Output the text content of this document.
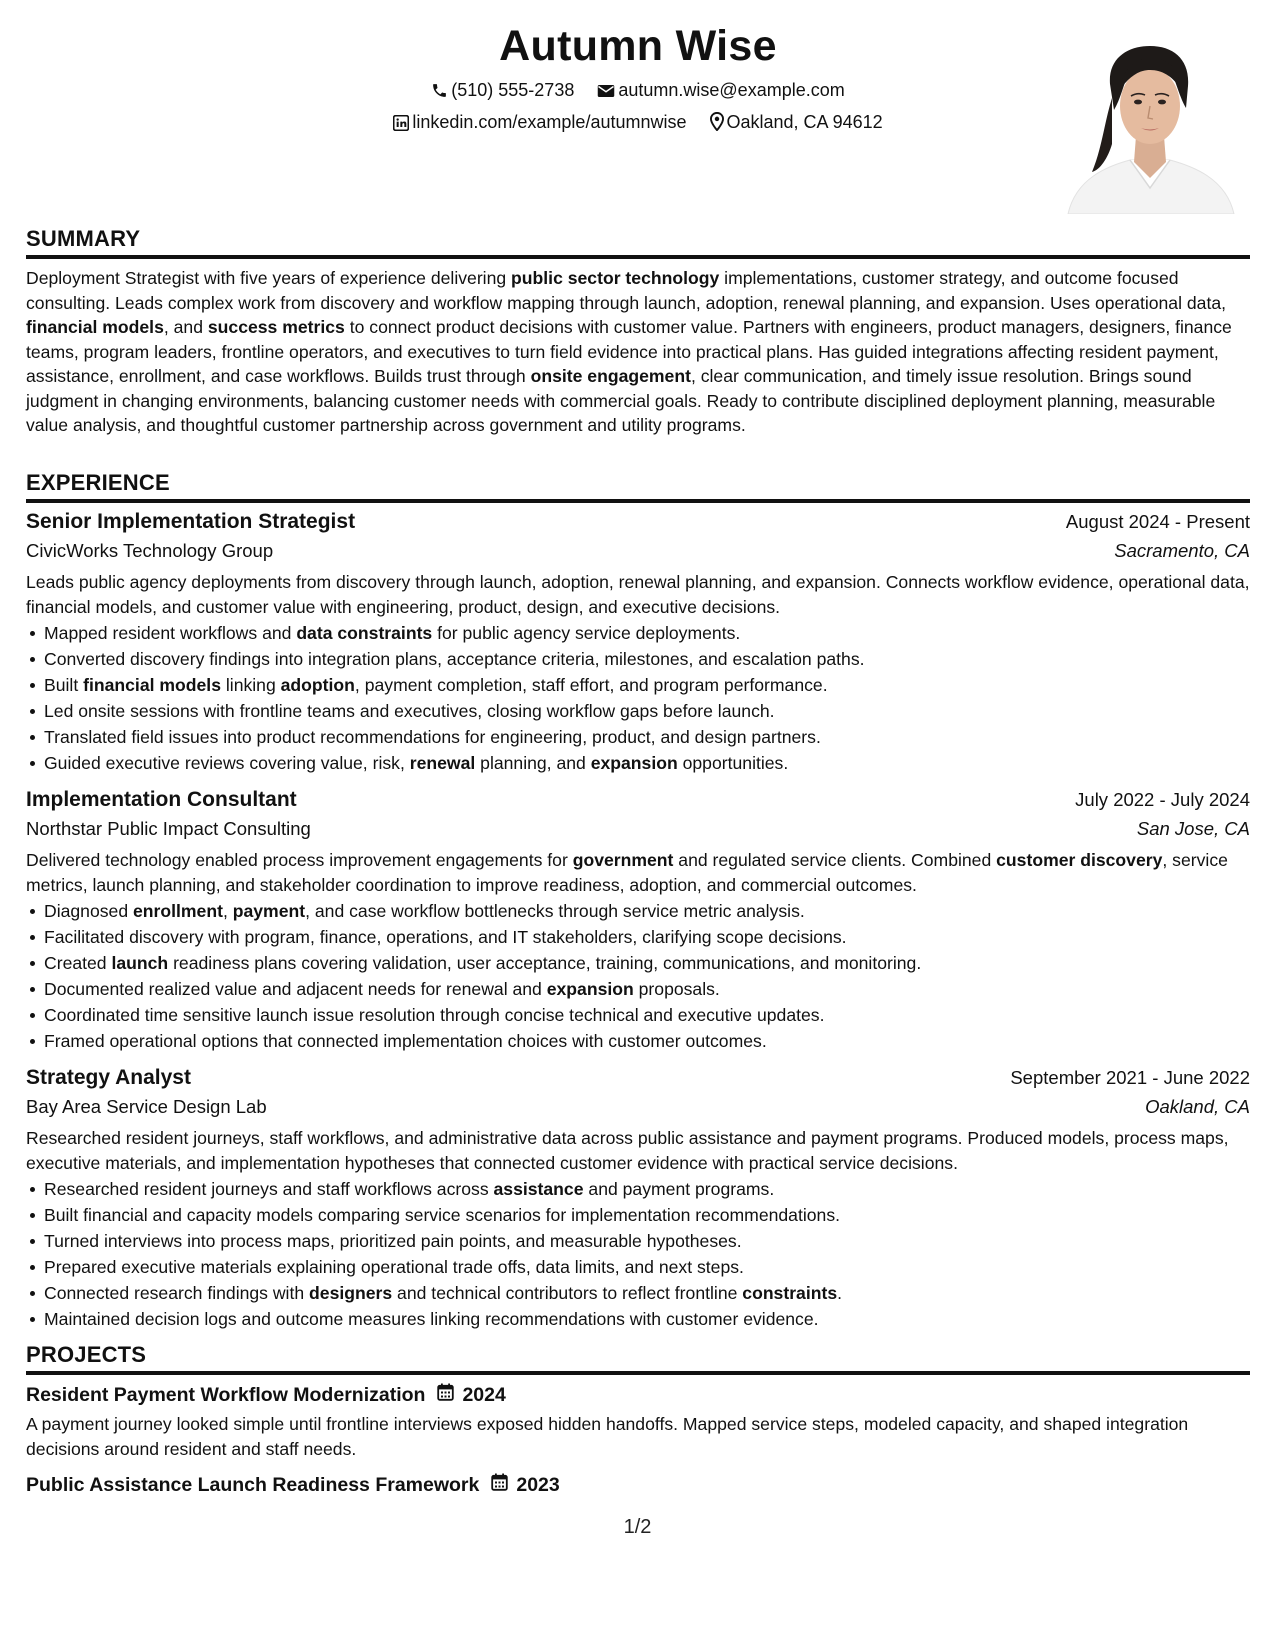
Autumn Wise
(510) 555-2738 autumn.wise@example.com
linkedin.com/example/autumnwise Oakland, CA 94612
SUMMARY

Deployment Strategist with five years of experience delivering public sector technology implementations, customer strategy, and outcome focused consulting. Leads complex work from discovery and workflow mapping through launch, adoption, renewal planning, and expansion. Uses operational data, financial models, and success metrics to connect product decisions with customer value. Partners with engineers, product managers, designers, finance teams, program leaders, frontline operators, and executives to turn field evidence into practical plans. Has guided integrations affecting resident payment, assistance, enrollment, and case workflows. Builds trust through onsite engagement, clear communication, and timely issue resolution. Brings sound judgment in changing environments, balancing customer needs with commercial goals. Ready to contribute disciplined deployment planning, measurable value analysis, and thoughtful customer partnership across government and utility programs.

EXPERIENCE
Senior Implementation Strategist	August 2024 - Present
CivicWorks Technology Group	Sacramento, CA

Leads public agency deployments from discovery through launch, adoption, renewal planning, and expansion. Connects workflow evidence, operational data, financial models, and customer value with engineering, product, design, and executive decisions.

Mapped resident workflows and data constraints for public agency service deployments.
Converted discovery findings into integration plans, acceptance criteria, milestones, and escalation paths.
Built financial models linking adoption, payment completion, staff effort, and program performance.
Led onsite sessions with frontline teams and executives, closing workflow gaps before launch.
Translated field issues into product recommendations for engineering, product, and design partners.
Guided executive reviews covering value, risk, renewal planning, and expansion opportunities.
Implementation Consultant	July 2022 - July 2024
Northstar Public Impact Consulting	San Jose, CA

Delivered technology enabled process improvement engagements for government and regulated service clients. Combined customer discovery, service metrics, launch planning, and stakeholder coordination to improve readiness, adoption, and commercial outcomes.

Diagnosed enrollment, payment, and case workflow bottlenecks through service metric analysis.
Facilitated discovery with program, finance, operations, and IT stakeholders, clarifying scope decisions.
Created launch readiness plans covering validation, user acceptance, training, communications, and monitoring.
Documented realized value and adjacent needs for renewal and expansion proposals.
Coordinated time sensitive launch issue resolution through concise technical and executive updates.
Framed operational options that connected implementation choices with customer outcomes.
Strategy Analyst	September 2021 - June 2022
Bay Area Service Design Lab	Oakland, CA

Researched resident journeys, staff workflows, and administrative data across public assistance and payment programs. Produced models, process maps, executive materials, and implementation hypotheses that connected customer evidence with practical service decisions.

Researched resident journeys and staff workflows across assistance and payment programs.
Built financial and capacity models comparing service scenarios for implementation recommendations.
Turned interviews into process maps, prioritized pain points, and measurable hypotheses.
Prepared executive materials explaining operational trade offs, data limits, and next steps.
Connected research findings with designers and technical contributors to reflect frontline constraints.
Maintained decision logs and outcome measures linking recommendations with customer evidence.
PROJECTS
Resident Payment Workflow Modernization 2024

A payment journey looked simple until frontline interviews exposed hidden handoffs. Mapped service steps, modeled capacity, and shaped integration decisions around resident and staff needs.

Public Assistance Launch Readiness Framework 2023
1/2
